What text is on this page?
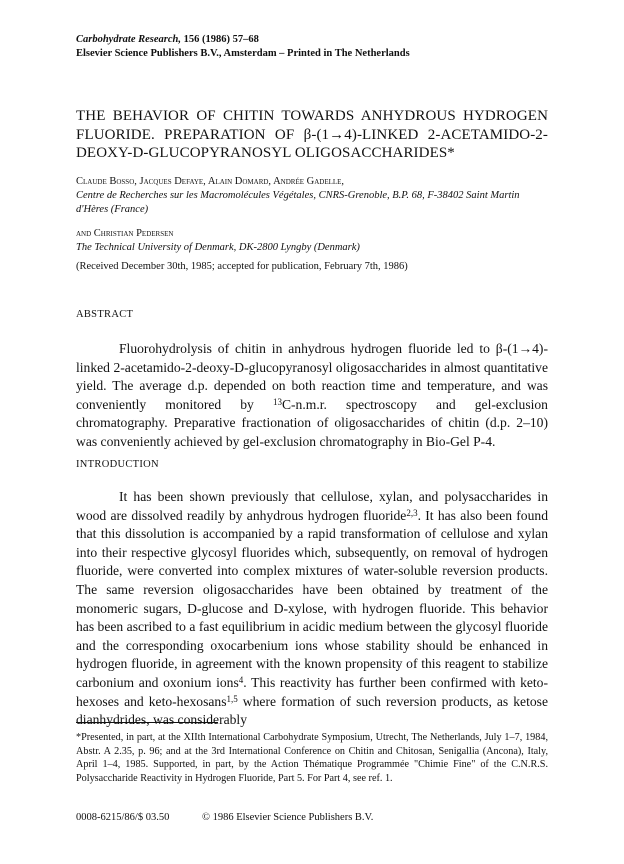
Carbohydrate Research, 156 (1986) 57–68
Elsevier Science Publishers B.V., Amsterdam – Printed in The Netherlands
THE BEHAVIOR OF CHITIN TOWARDS ANHYDROUS HYDROGEN FLUORIDE. PREPARATION OF β-(1→4)-LINKED 2-ACETAMIDO-2-DEOXY-D-GLUCOPYRANOSYL OLIGOSACCHARIDES*
Claude Bosso, Jacques Defaye, Alain Domard, Andrée Gadelle,
Centre de Recherches sur les Macromolécules Végétales, CNRS-Grenoble, B.P. 68, F-38402 Saint Martin d'Hères (France)
and Christian Pedersen
The Technical University of Denmark, DK-2800 Lyngby (Denmark)
(Received December 30th, 1985; accepted for publication, February 7th, 1986)
ABSTRACT

Fluorohydrolysis of chitin in anhydrous hydrogen fluoride led to β-(1→4)-linked 2-acetamido-2-deoxy-D-glucopyranosyl oligosaccharides in almost quantitative yield. The average d.p. depended on both reaction time and temperature, and was conveniently monitored by $^{13}$C-n.m.r. spectroscopy and gel-exclusion chromatography. Preparative fractionation of oligosaccharides of chitin (d.p. 2–10) was conveniently achieved by gel-exclusion chromatography in Bio-Gel P-4.

INTRODUCTION

It has been shown previously that cellulose, xylan, and polysaccharides in wood are dissolved readily by anhydrous hydrogen fluoride$^{2,3}$. It has also been found that this dissolution is accompanied by a rapid transformation of cellulose and xylan into their respective glycosyl fluorides which, subsequently, on removal of hydrogen fluoride, were converted into complex mixtures of water-soluble reversion products. The same reversion oligosaccharides have been obtained by treatment of the monomeric sugars, D-glucose and D-xylose, with hydrogen fluoride. This behavior has been ascribed to a fast equilibrium in acidic medium between the glycosyl fluoride and the corresponding oxocarbenium ions whose stability should be enhanced in hydrogen fluoride, in agreement with the known propensity of this reagent to stabilize carbonium and oxonium ions$^4$. This reactivity has further been confirmed with keto-hexoses and keto-hexosans$^{1,5}$ where formation of such reversion products, as ketose dianhydrides, was considerably

*Presented, in part, at the XIIth International Carbohydrate Symposium, Utrecht, The Netherlands, July 1–7, 1984, Abstr. A 2.35, p. 96; and at the 3rd International Conference on Chitin and Chitosan, Senigallia (Ancona), Italy, April 1–4, 1985. Supported, in part, by the Action Thématique Programmée "Chimie Fine" of the C.N.R.S. Polysaccharide Reactivity in Hydrogen Fluoride, Part 5. For Part 4, see ref. 1.
0008-6215/86/$ 03.50	© 1986 Elsevier Science Publishers B.V.
